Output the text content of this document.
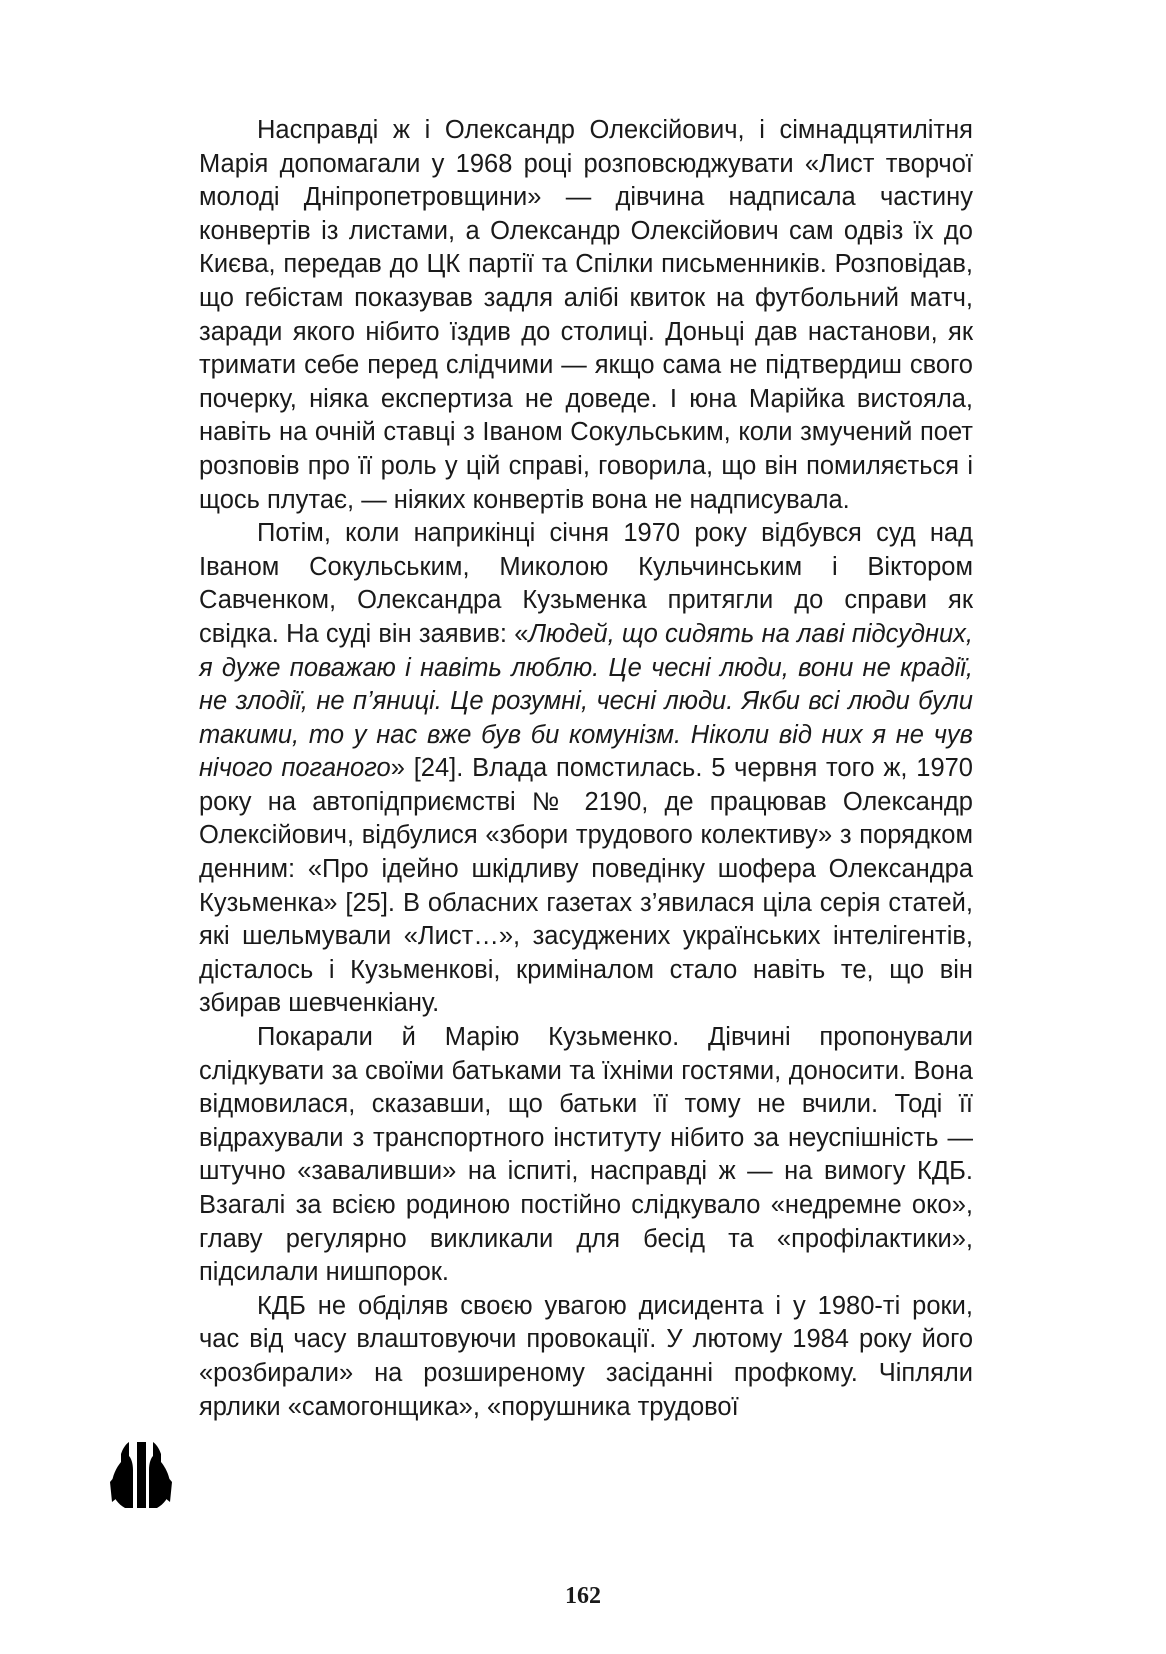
Насправді ж і Олександр Олексійович, і сімнадцятилітня Марія допомагали у 1968 році розповсюджувати «Лист творчої молоді Дніпропетровщини» — дівчина надписала частину конвертів із листами, а Олександр Олексійович сам одвіз їх до Києва, передав до ЦК партії та Спілки письменників. Розповідав, що гебістам показував задля алібі квиток на футбольний матч, заради якого нібито їздив до столиці. Доньці дав настанови, як тримати себе перед слідчими — якщо сама не підтвердиш свого почерку, ніяка експертиза не доведе. І юна Марійка вистояла, навіть на очній ставці з Іваном Сокульським, коли змучений поет розповів про її роль у цій справі, говорила, що він помиляється і щось плутає, — ніяких конвертів вона не надписувала.

Потім, коли наприкінці січня 1970 року відбувся суд над Іваном Сокульським, Миколою Кульчинським і Віктором Савченком, Олександра Кузьменка притягли до справи як свідка. На суді він заявив: «Людей, що сидять на лаві підсудних, я дуже поважаю і навіть люблю. Це чесні люди, вони не крадії, не злодії, не п’яниці. Це розумні, чесні люди. Якби всі люди були такими, то у нас вже був би комунізм. Ніколи від них я не чув нічого поганого» [24]. Влада помстилась. 5 червня того ж, 1970 року на автопідприємстві № 2190, де працював Олександр Олексійович, відбулися «збори трудового колективу» з порядком денним: «Про ідейно шкідливу поведінку шофера Олександра Кузьменка» [25]. В обласних газетах з’явилася ціла серія статей, які шельмували «Лист…», засуджених українських інтелігентів, дісталось і Кузьменкові, криміналом стало навіть те, що він збирав шевченкіану.

Покарали й Марію Кузьменко. Дівчині пропонували слідкувати за своїми батьками та їхніми гостями, доносити. Вона відмовилася, сказавши, що батьки її тому не вчили. Тоді її відрахували з транспортного інституту нібито за неуспішність — штучно «заваливши» на іспиті, насправді ж — на вимогу КДБ. Взагалі за всією родиною постійно слідкувало «недремне око», главу регулярно викликали для бесід та «профілактики», підсилали нишпорок.

КДБ не обділяв своєю увагою дисидента і у 1980-ті роки, час від часу влаштовуючи провокації. У лютому 1984 року його «розбирали» на розширеному засіданні профкому. Чіпляли ярлики «самогонщика», «порушника трудової

162
